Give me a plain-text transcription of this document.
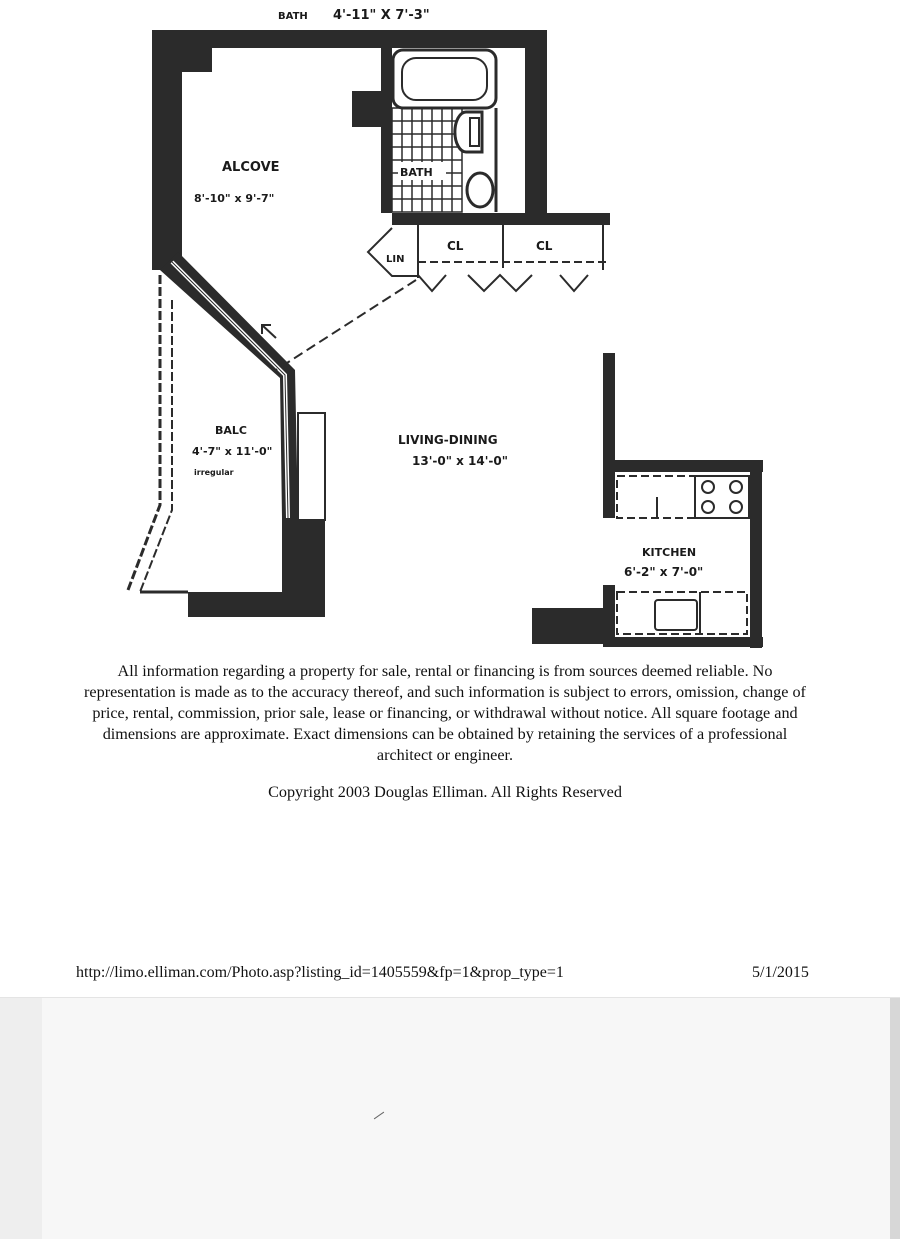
BATH 4'-11" X 7'-3"
BATH
LIN
CL	CL
ALCOVE
8'-10" x 9'-7"
BALC
4'-7" x 11'-0"
irregular
LIVING-DINING
13'-0" x 14'-0"
KITCHEN
6'-2" x 7'-0"
All information regarding a property for sale, rental or financing is from sources deemed reliable. No representation is made as to the accuracy thereof, and such information is subject to errors, omission, change of price, rental, commission, prior sale, lease or financing, or withdrawal without notice. All square footage and dimensions are approximate. Exact dimensions can be obtained by retaining the services of a professional architect or engineer.
Copyright 2003 Douglas Elliman. All Rights Reserved
http://limo.elliman.com/Photo.asp?listing_id=1405559&fp=1&prop_type=1	5/1/2015
